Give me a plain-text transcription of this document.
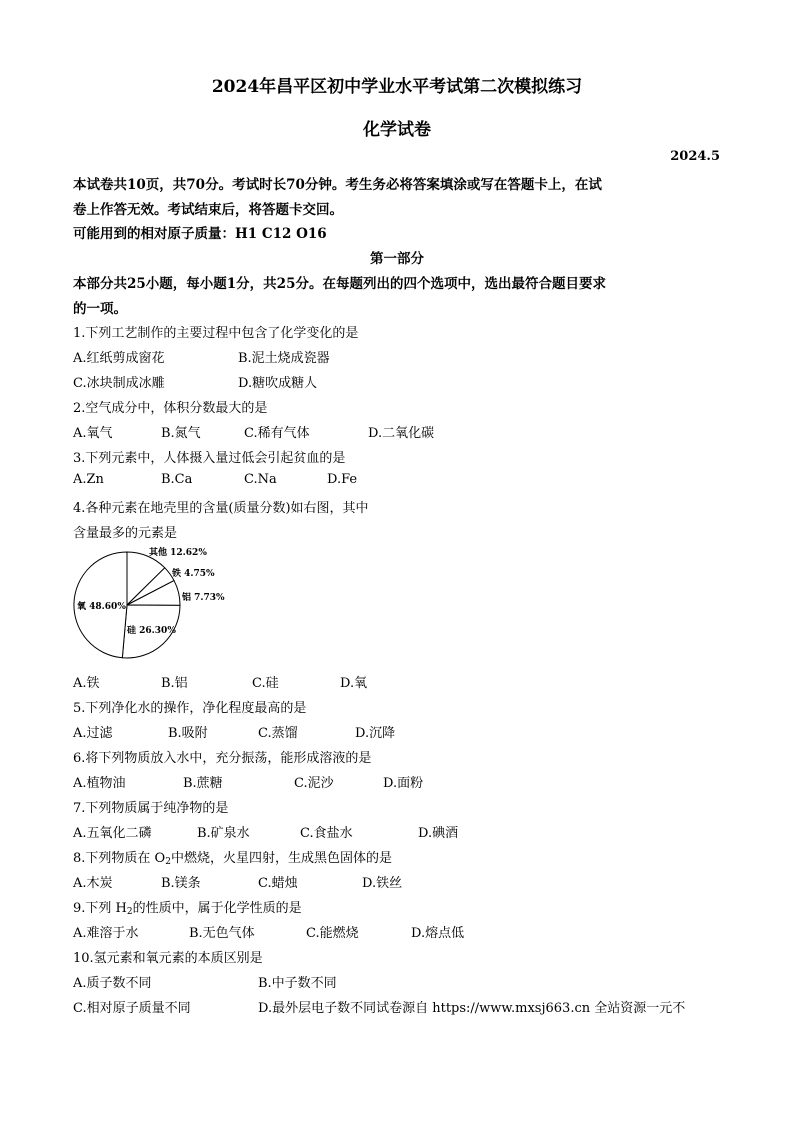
2024年昌平区初中学业水平考试第二次模拟练习
化学试卷
2024.5
本试卷共10页，共70分。考试时长70分钟。考生务必将答案填涂或写在答题卡上，在试
卷上作答无效。考试结束后，将答题卡交回。
可能用到的相对原子质量：H1 C12 O16
第一部分
本部分共25小题，每小题1分，共25分。在每题列出的四个选项中，选出最符合题目要求
的一项。
1.下列工艺制作的主要过程中包含了化学变化的是
A.红纸剪成窗花	B.泥土烧成瓷器
C.冰块制成冰雕	D.糖吹成糖人
2.空气成分中，体积分数最大的是
A.氧气	B.氮气	C.稀有气体	D.二氧化碳
3.下列元素中，人体摄入量过低会引起贫血的是
A.Zn	B.Ca	C.Na	D.Fe
4.各种元素在地壳里的含量(质量分数)如右图，其中
含量最多的元素是
其他 12.62%
铁 4.75%
铝 7.73%
硅 26.30%
氧 48.60%
A.铁	B.铝	C.硅	D.氧
5.下列净化水的操作，净化程度最高的是
A.过滤	B.吸附	C.蒸馏	D.沉降
6.将下列物质放入水中，充分振荡，能形成溶液的是
A.植物油	B.蔗糖	C.泥沙	D.面粉
7.下列物质属于纯净物的是
A.五氧化二磷	B.矿泉水	C.食盐水	D.碘酒
8.下列物质在 $O_2$中燃烧，火星四射，生成黑色固体的是
A.木炭	B.镁条	C.蜡烛	D.铁丝
9.下列 $H_2$的性质中，属于化学性质的是
A.难溶于水	B.无色气体	C.能燃烧	D.熔点低
10.氢元素和氧元素的本质区别是
A.质子数不同	B.中子数不同
C.相对原子质量不同	D.最外层电子数不同试卷源自 https://www.mxsj663.cn 全站资源一元不
